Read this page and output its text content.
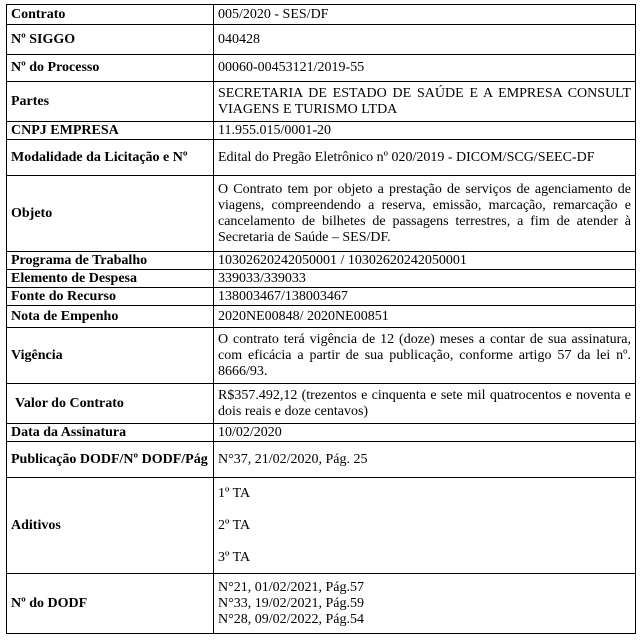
Contrato	005/2020 - SES/DF
Nº SIGGO	040428
Nº do Processo	00060-00453121/2019-55
Partes	SECRETARIA DE ESTADO DE SAÚDE E A EMPRESA CONSULT VIAGENS E TURISMO LTDA
CNPJ EMPRESA	11.955.015/0001-20
Modalidade da Licitação e Nº	Edital do Pregão Eletrônico nº 020/2019 - DICOM/SCG/SEEC-DF
Objeto	O Contrato tem por objeto a prestação de serviços de agenciamento de viagens, compreendendo a reserva, emissão, marcação, remarcação e cancelamento de bilhetes de passagens terrestres, a fim de atender à Secretaria de Saúde – SES/DF.
Programa de Trabalho	10302620242050001 / 10302620242050001
Elemento de Despesa	339033/339033
Fonte do Recurso	138003467/138003467
Nota de Empenho	2020NE00848/ 2020NE00851
Vigência	O contrato terá vigência de 12 (doze) meses a contar de sua assinatura, com eficácia a partir de sua publicação, conforme artigo 57 da lei nº. 8666/93.
Valor do Contrato	R$357.492,12 (trezentos e cinquenta e sete mil quatrocentos e noventa e dois reais e doze centavos)
Data da Assinatura	10/02/2020
Publicação DODF/Nº DODF/Pág	N°37, 21/02/2020, Pág. 25
Aditivos	1º TA
2º TA
3º TA

Nº do DODF	N°21, 01/02/2021, Pág.57
N°33, 19/02/2021, Pág.59
N°28, 09/02/2022, Pág.54
